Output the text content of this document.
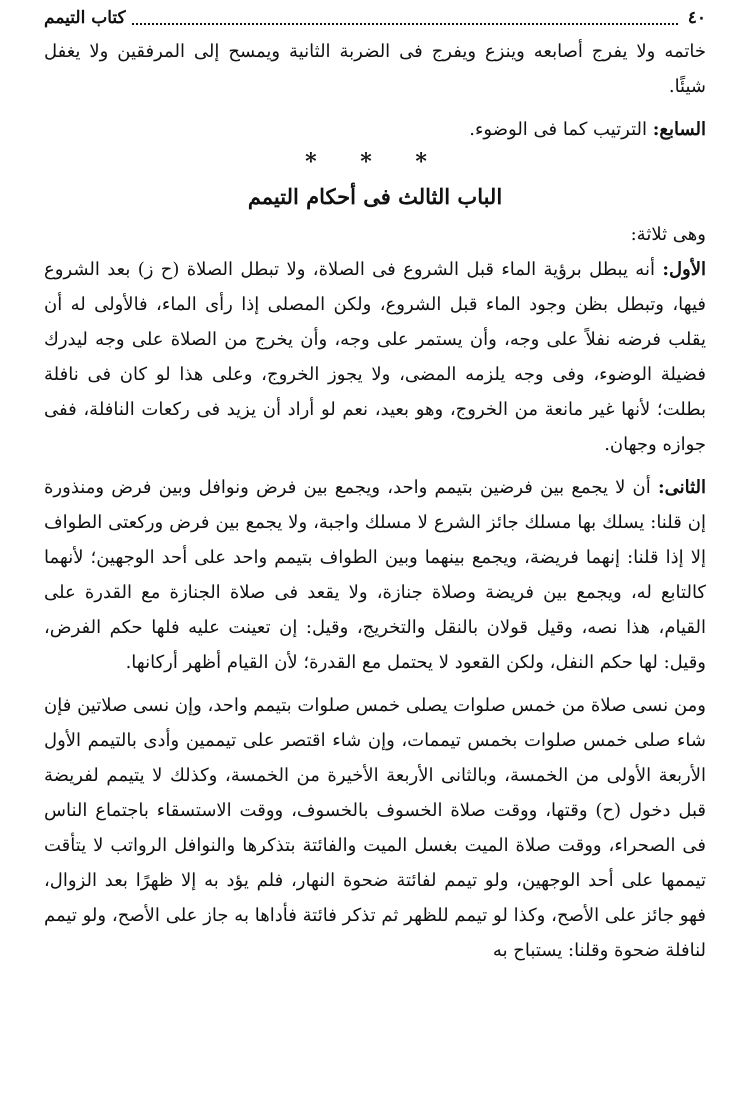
٤٠
كتاب التيمم

خاتمه ولا يفرج أصابعه وينزع ويفرج فى الضربة الثانية ويمسح إلى المرفقين ولا يغفل شيئًا.

السابع: الترتيب كما فى الوضوء.

* * *

الباب الثالث فى أحكام التيمم

وهى ثلاثة:

الأول: أنه يبطل برؤية الماء قبل الشروع فى الصلاة، ولا تبطل الصلاة (ح ز) بعد الشروع فيها، وتبطل بظن وجود الماء قبل الشروع، ولكن المصلى إذا رأى الماء، فالأولى له أن يقلب فرضه نفلاً على وجه، وأن يستمر على وجه، وأن يخرج من الصلاة على وجه ليدرك فضيلة الوضوء، وفى وجه يلزمه المضى، ولا يجوز الخروج، وعلى هذا لو كان فى نافلة بطلت؛ لأنها غير مانعة من الخروج، وهو بعيد، نعم لو أراد أن يزيد فى ركعات النافلة، ففى جوازه وجهان.

الثانى: أن لا يجمع بين فرضين بتيمم واحد، ويجمع بين فرض ونوافل وبين فرض ومنذورة إن قلنا: يسلك بها مسلك جائز الشرع لا مسلك واجبة، ولا يجمع بين فرض وركعتى الطواف إلا إذا قلنا: إنهما فريضة، ويجمع بينهما وبين الطواف بتيمم واحد على أحد الوجهين؛ لأنهما كالتابع له، ويجمع بين فريضة وصلاة جنازة، ولا يقعد فى صلاة الجنازة مع القدرة على القيام، هذا نصه، وقيل قولان بالنقل والتخريج، وقيل: إن تعينت عليه فلها حكم الفرض، وقيل: لها حكم النفل، ولكن القعود لا يحتمل مع القدرة؛ لأن القيام أظهر أركانها.

ومن نسى صلاة من خمس صلوات يصلى خمس صلوات بتيمم واحد، وإن نسى صلاتين فإن شاء صلى خمس صلوات بخمس تيممات، وإن شاء اقتصر على تيممين وأدى بالتيمم الأول الأربعة الأولى من الخمسة، وبالثانى الأربعة الأخيرة من الخمسة، وكذلك لا يتيمم لفريضة قبل دخول (ح) وقتها، ووقت صلاة الخسوف بالخسوف، ووقت الاستسقاء باجتماع الناس فى الصحراء، ووقت صلاة الميت بغسل الميت والفائتة بتذكرها والنوافل الرواتب لا يتأقت تيممها على أحد الوجهين، ولو تيمم لفائتة ضحوة النهار، فلم يؤد به إلا ظهرًا بعد الزوال، فهو جائز على الأصح، وكذا لو تيمم للظهر ثم تذكر فائتة فأداها به جاز على الأصح، ولو تيمم لنافلة ضحوة وقلنا: يستباح به
